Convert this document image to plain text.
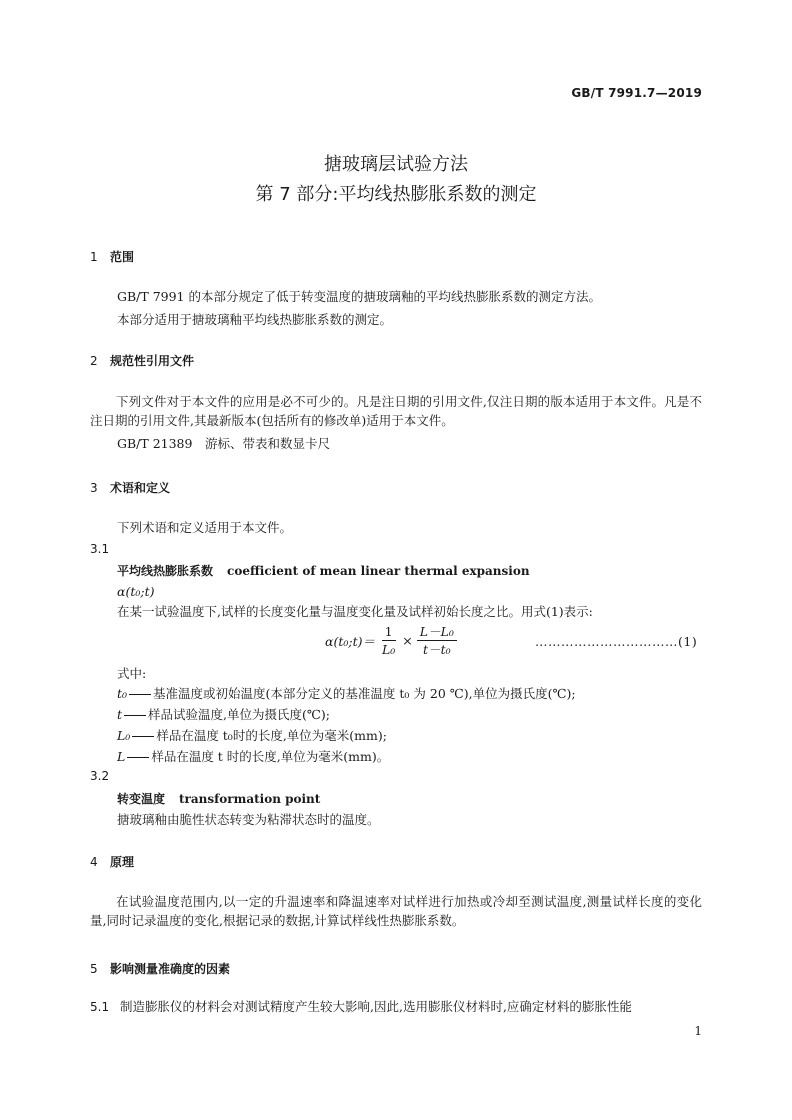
GB/T 7991.7—2019
搪玻璃层试验方法
第 7 部分:平均线热膨胀系数的测定
1 范围
GB/T 7991 的本部分规定了低于转变温度的搪玻璃釉的平均线热膨胀系数的测定方法。
本部分适用于搪玻璃釉平均线热膨胀系数的测定。
2 规范性引用文件
下列文件对于本文件的应用是必不可少的。凡是注日期的引用文件,仅注日期的版本适用于本文件。凡是不注日期的引用文件,其最新版本(包括所有的修改单)适用于本文件。
GB/T 21389　游标、带表和数显卡尺
3 术语和定义
下列术语和定义适用于本文件。
3.1
平均线热膨胀系数 coefficient of mean linear thermal expansion
α(t₀;t)
在某一试验温度下,试样的长度变化量与温度变化量及试样初始长度之比。用式(1)表示:
α(t₀;t)＝ $\frac{1}{\text{L₀}} \times \frac{\text{L－L₀}}{\text{t－t₀}}$	……………………………(1)
式中:
t₀ 基准温度或初始温度(本部分定义的基准温度 t₀ 为 20 ℃),单位为摄氏度(℃);
t 样品试验温度,单位为摄氏度(℃);
L₀ 样品在温度 t₀时的长度,单位为毫米(mm);
L 样品在温度 t 时的长度,单位为毫米(mm)。
3.2
转变温度 transformation point
搪玻璃釉由脆性状态转变为粘滞状态时的温度。
4 原理
在试验温度范围内,以一定的升温速率和降温速率对试样进行加热或冷却至测试温度,测量试样长度的变化量,同时记录温度的变化,根据记录的数据,计算试样线性热膨胀系数。
5 影响测量准确度的因素
5.1 制造膨胀仪的材料会对测试精度产生较大影响,因此,选用膨胀仪材料时,应确定材料的膨胀性能
1
